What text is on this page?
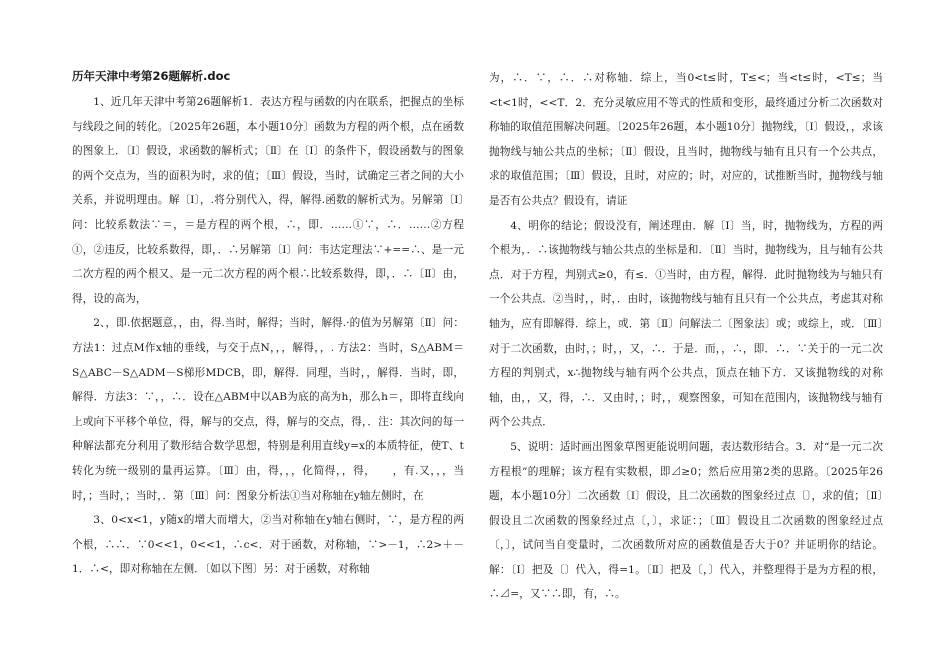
历年天津中考第26题解析.doc

1、近几年天津中考第26题解析1．表达方程与函数的内在联系，把握点的坐标与线段之间的转化。〔2025年26题，本小题10分〕函数为方程的两个根，点在函数的图象上．〔Ⅰ〕假设，求函数的解析式；〔Ⅱ〕在〔Ⅰ〕的条件下，假设函数与的图象的两个交点为，当的面积为时，求的值；〔Ⅲ〕假设，当时，试确定三者之间的大小关系，并说明理由。解〔Ⅰ〕，.将分别代入，得，解得.函数的解析式为。另解第〔Ⅰ〕问：比较系数法∵＝，＝是方程的两个根，∴，即．……①∵，∴．……②方程①，②违反，比较系数得，即，．∴另解第〔Ⅰ〕问：韦达定理法∵+==∴、是一元二次方程的两个根又、是一元二次方程的两个根∴比较系数得，即，．∴〔Ⅱ〕由，得，设的高为，

2、，即.依据题意，，由，得.当时，解得；当时，解得.·的值为另解第〔Ⅱ〕问：方法1：过点M作x轴的垂线，与交于点N，，，解得，，. 方法2：当时，S△ABM＝S△ABC－S△ADM－S梯形MDCB，即，解得．同理，当时，，解得．当时，即，解得．方法3：∵，，∴．设在△ABM中以AB为底的高为h，那么h＝，即将直线向上或向下平移个单位，得，解与的交点，得，解与的交点，得，．注：其次问的每一种解法都充分利用了数形结合数学思想，特别是利用直线y=x的本质特征，使T、t转化为统一级别的量再运算。〔Ⅲ〕由，得，，，化简得，，得，　　，有.又，，，当时，；当时，；当时，．第〔Ⅲ〕问：图象分析法①当对称轴在y轴左侧时，在

3、0<x<1，y随x的增大而增大，②当对称轴在y轴右侧时，∵，是方程的两个根，∴∴．∵0<<1，0<<1，∴c<．对于函数，对称轴，∵>－1，∴2>＋－1．∴<，即对称轴在左侧．〔如以下图〕另：对于函数，对称轴

为，∴．∵，∴．∴对称轴．综上，当0<t≤时，T≤<；当<t≤时，<T≤；当<t<1时，<<T．2．充分灵敏应用不等式的性质和变形，最终通过分析二次函数对称轴的取值范围解决问题。〔2025年26题，本小题10分〕抛物线，〔Ⅰ〕假设，，求该抛物线与轴公共点的坐标；〔Ⅱ〕假设，且当时，抛物线与轴有且只有一个公共点，求的取值范围；〔Ⅲ〕假设，且时，对应的；时，对应的，试推断当时，抛物线与轴是否有公共点？假设有，请证

4、明你的结论；假设没有，阐述理由．解〔Ⅰ〕当，时，抛物线为，方程的两个根为，．∴该抛物线与轴公共点的坐标是和．〔Ⅱ〕当时，抛物线为，且与轴有公共点．对于方程，判别式≥0，有≤．①当时，由方程，解得．此时抛物线为与轴只有一个公共点．②当时，，时，．由时，该抛物线与轴有且只有一个公共点，考虑其对称轴为，应有即解得．综上，或．第〔Ⅱ〕问解法二〔图象法〕或；或综上，或．〔Ⅲ〕对于二次函数，由时，；时，，又，∴．于是．而，，∴，即．∴．∵关于的一元二次方程的判别式，x∴抛物线与轴有两个公共点，顶点在轴下方．又该抛物线的对称轴，由，，又，得，∴．又由时，；时，，观察图象，可知在范围内，该抛物线与轴有两个公共点．

5、说明：适时画出图象草图更能说明问题，表达数形结合。3．对“是一元二次方程根”的理解；该方程有实数根，即⊿≥0；然后应用第2类的思路。〔2025年26题，本小题10分〕二次函数〔Ⅰ〕假设，且二次函数的图象经过点〔〕，求的值；〔Ⅱ〕假设且二次函数的图象经过点〔，〕，求证：；〔Ⅲ〕假设且二次函数的图象经过点〔，〕，试问当自变量时，二次函数所对应的函数值是否大于0？并证明你的结论。解：〔Ⅰ〕把及〔〕代入，得=1。〔Ⅱ〕把及〔，〕代入，并整理得于是为方程的根，∴⊿=，又∵∴即，有，∴。
